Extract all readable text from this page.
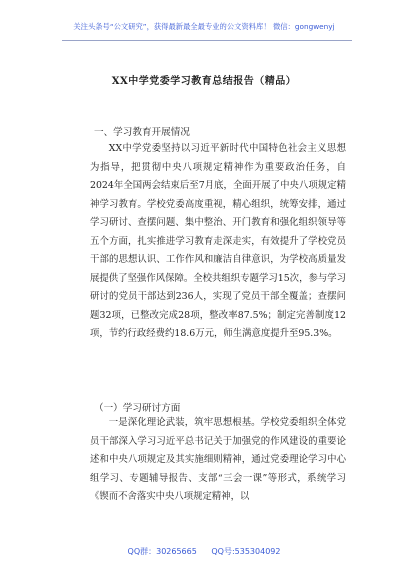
关注头条号“公文研究”，获得最新最全最专业的公文资料库！ 微信：gongwenyj
XX中学党委学习教育总结报告（精品）
一、学习教育开展情况
XX中学党委坚持以习近平新时代中国特色社会主义思想为指导，把贯彻中央八项规定精神作为重要政治任务，自2024年全国两会结束后至7月底，全面开展了中央八项规定精神学习教育。学校党委高度重视，精心组织，统筹安排，通过学习研讨、查摆问题、集中整治、开门教育和强化组织领导等五个方面，扎实推进学习教育走深走实，有效提升了学校党员干部的思想认识、工作作风和廉洁自律意识，为学校高质量发展提供了坚强作风保障。全校共组织专题学习15次，参与学习研讨的党员干部达到236人，实现了党员干部全覆盖；查摆问题32项，已整改完成28项，整改率87.5%；制定完善制度12项，节约行政经费约18.6万元，师生满意度提升至95.3%。
（一）学习研讨方面
一是深化理论武装，筑牢思想根基。学校党委组织全体党员干部深入学习习近平总书记关于加强党的作风建设的重要论述和中央八项规定及其实施细则精神，通过党委理论学习中心组学习、专题辅导报告、支部“三会一课”等形式，系统学习《锲而不舍落实中央八项规定精神，以
QQ群：30265665 QQ号:535304092
